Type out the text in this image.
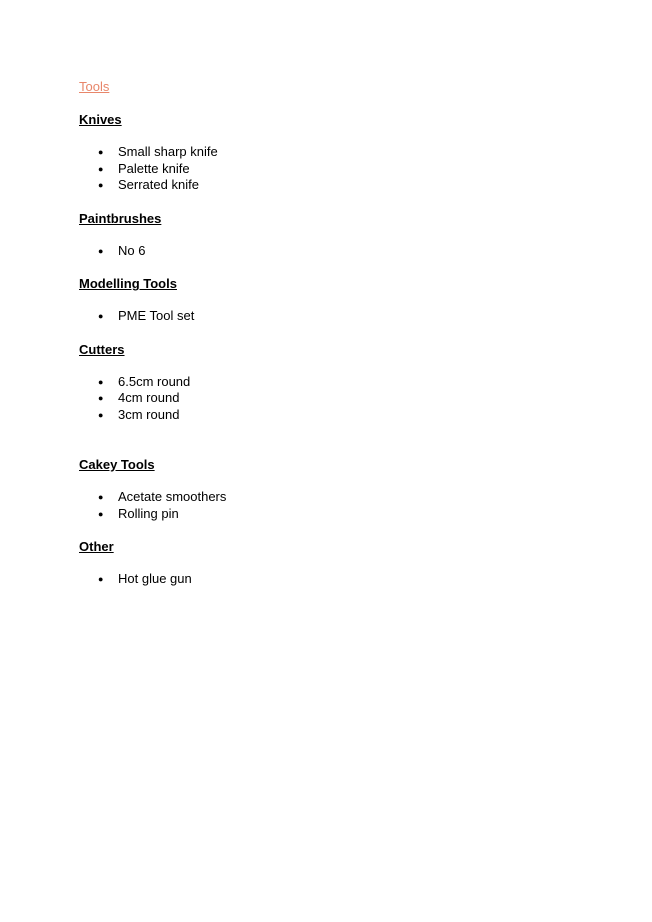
Tools
Knives
● Small sharp knife
● Palette knife
● Serrated knife
Paintbrushes
● No 6
Modelling Tools
● PME Tool set
Cutters
● 6.5cm round
● 4cm round
● 3cm round
Cakey Tools
● Acetate smoothers
● Rolling pin
Other
● Hot glue gun
